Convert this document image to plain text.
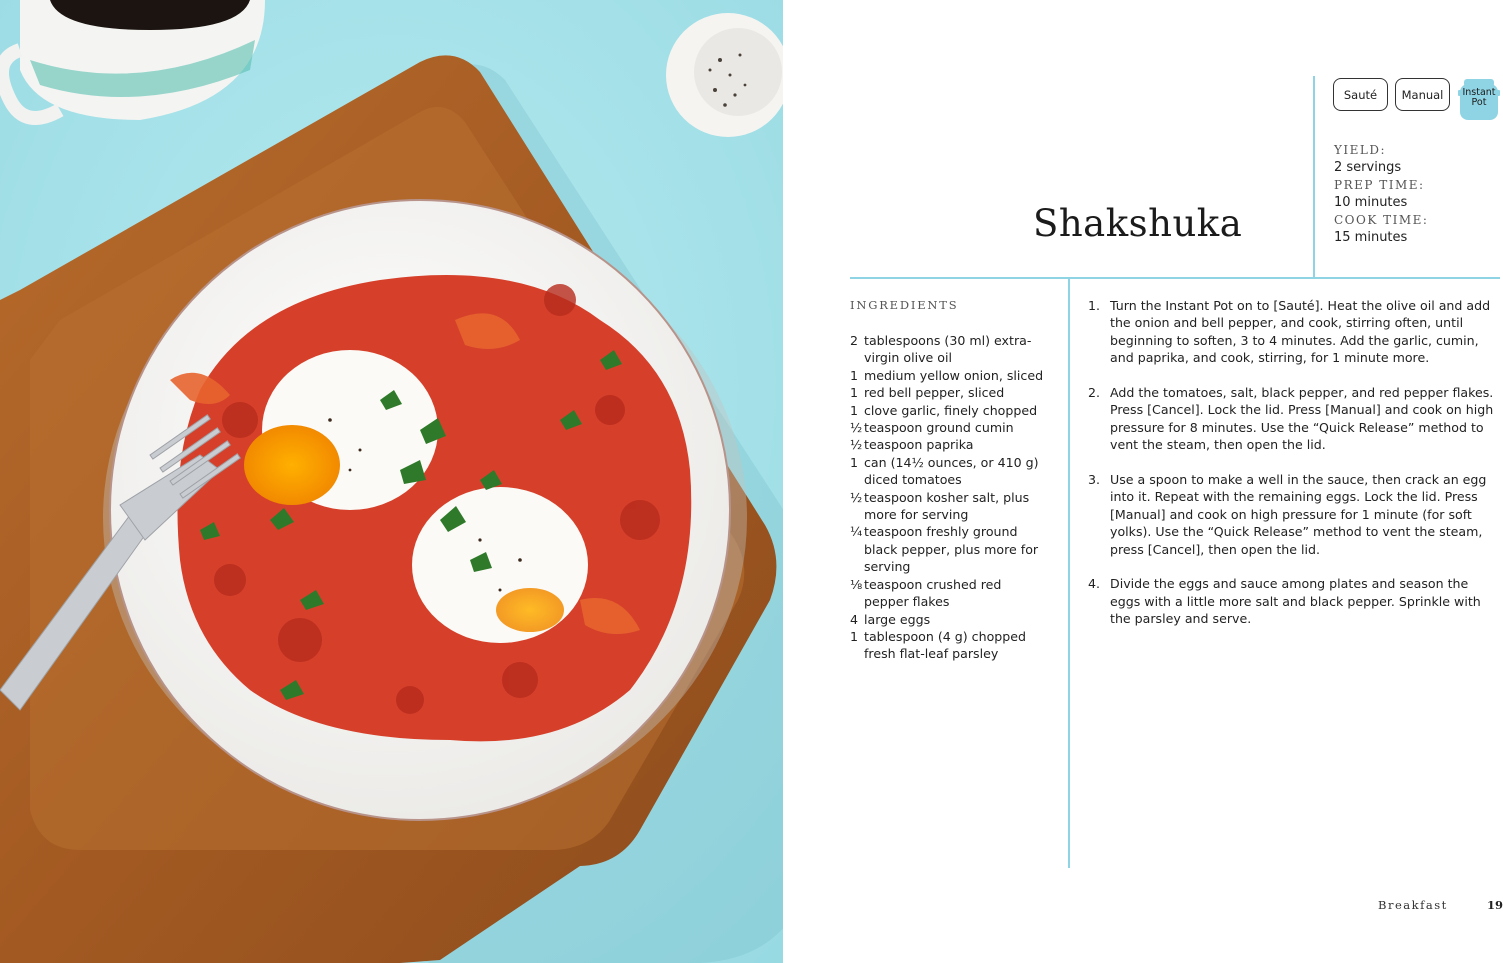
Sauté Manual Instant Pot
Shakshuka
YIELD:
2 servings
PREP TIME:
10 minutes
COOK TIME:
15 minutes
INGREDIENTS
2 tablespoons (30 ml) extra-virgin olive oil
1 medium yellow onion, sliced
1 red bell pepper, sliced
1 clove garlic, finely chopped
½ teaspoon ground cumin
½ teaspoon paprika
1 can (14½ ounces, or 410 g) diced tomatoes
½ teaspoon kosher salt, plus more for serving
¼ teaspoon freshly ground black pepper, plus more for serving
⅛ teaspoon crushed red pepper flakes
4 large eggs
1 tablespoon (4 g) chopped fresh flat-leaf parsley
1. Turn the Instant Pot on to [Sauté]. Heat the olive oil and add the onion and bell pepper, and cook, stirring often, until beginning to soften, 3 to 4 minutes. Add the garlic, cumin, and paprika, and cook, stirring, for 1 minute more.
2. Add the tomatoes, salt, black pepper, and red pepper flakes. Press [Cancel]. Lock the lid. Press [Manual] and cook on high pressure for 8 minutes. Use the “Quick Release” method to vent the steam, then open the lid.
3. Use a spoon to make a well in the sauce, then crack an egg into it. Repeat with the remaining eggs. Lock the lid. Press [Manual] and cook on high pressure for 1 minute (for soft yolks). Use the “Quick Release” method to vent the steam, press [Cancel], then open the lid.
4. Divide the eggs and sauce among plates and season the eggs with a little more salt and black pepper. Sprinkle with the parsley and serve.
Breakfast	19
